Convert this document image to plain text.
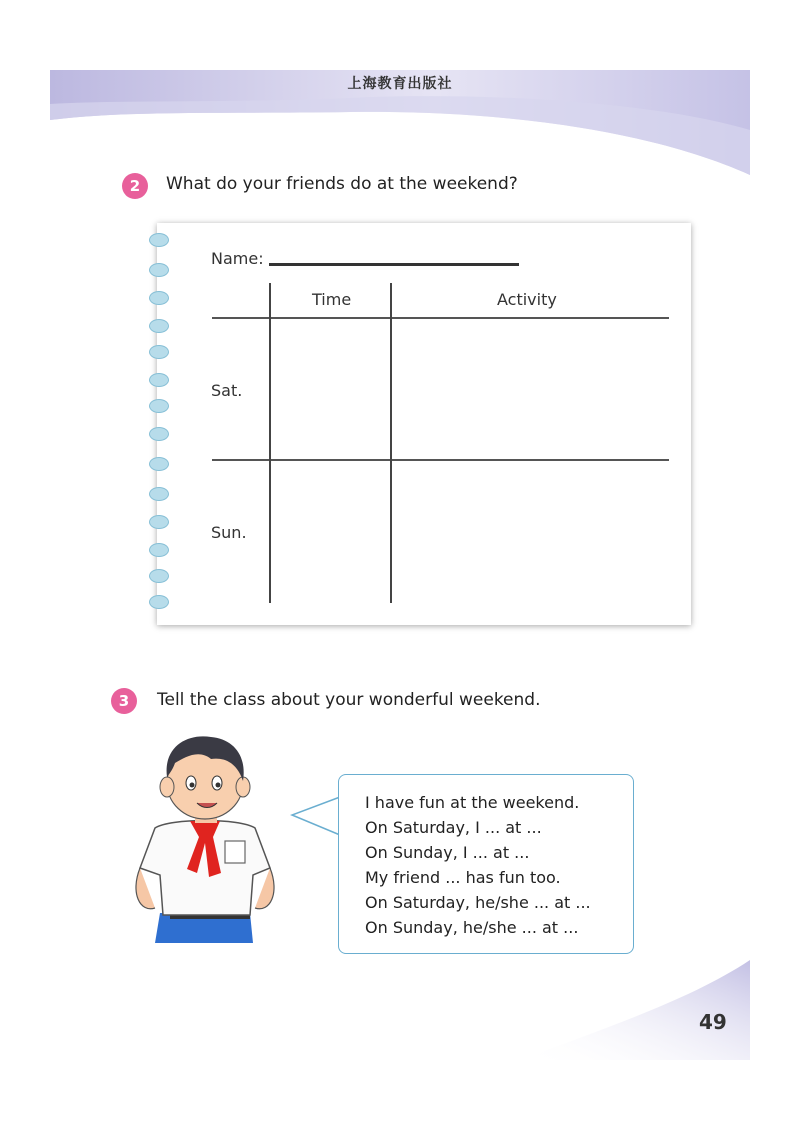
上海教育出版社
2	What do your friends do at the weekend?
Name:
Time	Activity
Sat.
Sun.
3	Tell the class about your wonderful weekend.
I have fun at the weekend.
On Saturday, I ... at ...
On Sunday, I ... at ...
My friend ... has fun too.
On Saturday, he/she ... at ...
On Sunday, he/she ... at ...
49
